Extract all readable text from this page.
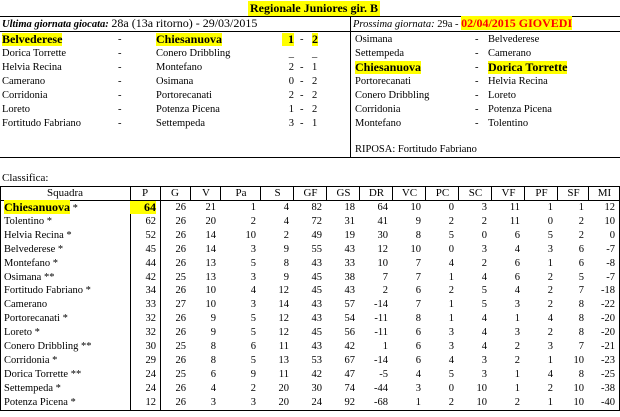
Regionale Juniores gir. B
Ultima giornata giocata: 28a (13a ritorno) - 29/03/2015	Prossima giornata: 29a - 02/04/2015 GIOVEDI
Belvederese	-	Chiesanuova	1 - 2
Dorica Torrette	-	Conero Dribbling	_ _
Helvia Recina	-	Montefano	2 - 1
Camerano	-	Osimana	0 - 2
Corridonia	-	Portorecanati	2 - 2
Loreto	-	Potenza Picena	1 - 2
Fortitudo Fabriano	-	Settempeda	3 - 1
Osimana	- Belvederese
Settempeda	- Camerano
Chiesanuova	- Dorica Torrette
Portorecanati	- Helvia Recina
Conero Dribbling	- Loreto
Corridonia	- Potenza Picena
Montefano	- Tolentino
RIPOSA: Fortitudo Fabriano
Classifica:
Squadra	P	G	V	Pa	S	GF	GS	DR	VC	PC	SC	VF	PF	SF	MI
Chiesanuova *	64	26	21	1	4	82	18	64	10	0	3	11	1	1	12
Tolentino *	62	26	20	2	4	72	31	41	9	2	2	11	0	2	10
Helvia Recina *	52	26	14	10	2	49	19	30	8	5	0	6	5	2	0
Belvederese *	45	26	14	3	9	55	43	12	10	0	3	4	3	6	-7
Montefano *	44	26	13	5	8	43	33	10	7	4	2	6	1	6	-8
Osimana **	42	25	13	3	9	45	38	7	7	1	4	6	2	5	-7
Fortitudo Fabriano *	34	26	10	4	12	45	43	2	6	2	5	4	2	7	-18
Camerano	33	27	10	3	14	43	57	-14	7	1	5	3	2	8	-22
Portorecanati *	32	26	9	5	12	43	54	-11	8	1	4	1	4	8	-20
Loreto *	32	26	9	5	12	45	56	-11	6	3	4	3	2	8	-20
Conero Dribbling **	30	25	8	6	11	43	42	1	6	3	4	2	3	7	-21
Corridonia *	29	26	8	5	13	53	67	-14	6	4	3	2	1	10	-23
Dorica Torrette **	24	25	6	9	11	42	47	-5	4	5	3	1	4	8	-25
Settempeda *	24	26	4	2	20	30	74	-44	3	0	10	1	2	10	-38
Potenza Picena *	12	26	3	3	20	24	92	-68	1	2	10	2	1	10	-40
